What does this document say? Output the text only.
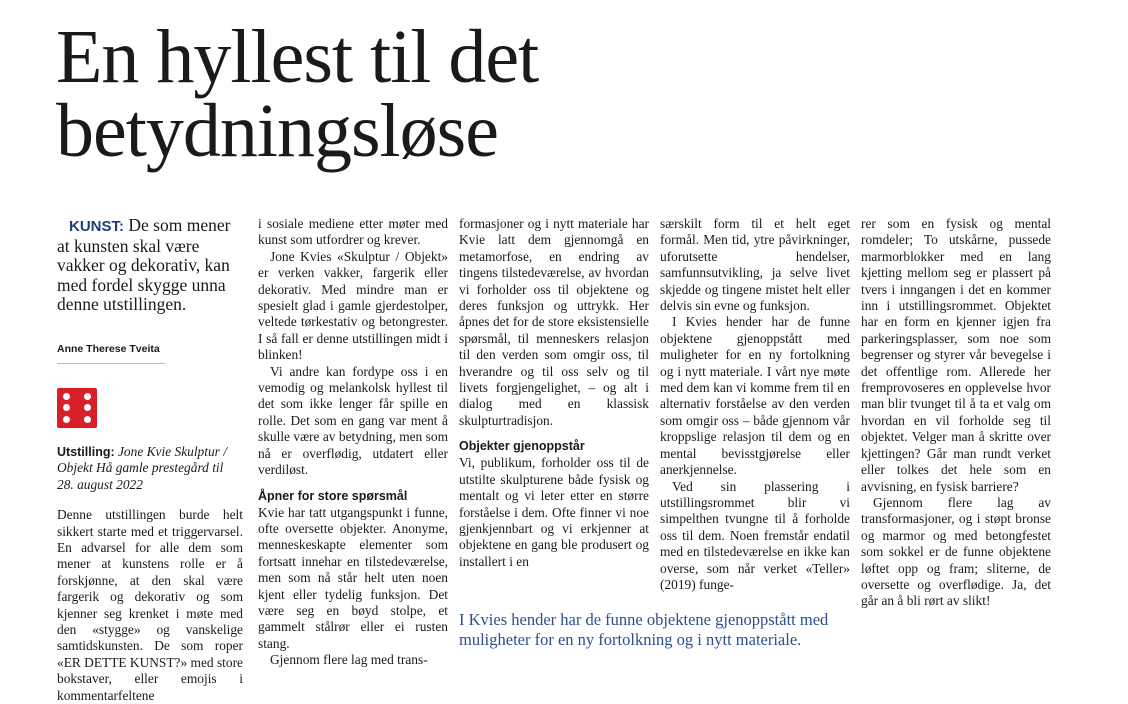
En hyllest til det
betydningsløse

KUNST: De som mener at kunsten skal være vakker og dekorativ, kan med fordel skygge unna denne utstillingen.

Anne Therese Tveita
Utstilling: Jone Kvie Skulptur / Objekt Hå gamle prestegård til 28. august 2022

Denne utstillingen burde helt sikkert starte med et triggervarsel. En advarsel for alle dem som mener at kunstens rolle er å forskjønne, at den skal være fargerik og dekorativ og som kjenner seg krenket i møte med den «stygge» og vanskelige samtidskunsten. De som roper «ER DETTE KUNST?» med store bokstaver, eller emojis i kommentarfeltene

i sosiale mediene etter møter med kunst som utfordrer og krever.

Jone Kvies «Skulptur / Objekt» er verken vakker, fargerik eller dekorativ. Med mindre man er spesielt glad i gamle gjerdestolper, veltede tørkestativ og betongrester. I så fall er denne utstillingen midt i blinken!

Vi andre kan fordype oss i en vemodig og melankolsk hyllest til det som ikke lenger får spille en rolle. Det som en gang var ment å skulle være av betydning, men som nå er overflødig, utdatert eller verdiløst.

Åpner for store spørsmål

Kvie har tatt utgangspunkt i funne, ofte oversette objekter. Anonyme, menneskeskapte elementer som fortsatt innehar en tilstedeværelse, men som nå står helt uten noen kjent eller tydelig funksjon. Det være seg en bøyd stolpe, et gammelt stålrør eller ei rusten stang.

Gjennom flere lag med trans-

formasjoner og i nytt materiale har Kvie latt dem gjennomgå en metamorfose, en endring av tingens tilstedeværelse, av hvordan vi forholder oss til objektene og deres funksjon og uttrykk. Her åpnes det for de store eksistensielle spørsmål, til menneskers relasjon til den verden som omgir oss, til hverandre og til oss selv og til livets forgjengelighet, – og alt i dialog med en klassisk skulpturtradisjon.

Objekter gjenoppstår

Vi, publikum, forholder oss til de utstilte skulpturene både fysisk og mentalt og vi leter etter en større forståelse i dem. Ofte finner vi noe gjenkjennbart og vi erkjenner at objektene en gang ble produsert og installert i en

særskilt form til et helt eget formål. Men tid, ytre påvirkninger, uforutsette hendelser, samfunnsutvikling, ja selve livet skjedde og tingene mistet helt eller delvis sin evne og funksjon.

I Kvies hender har de funne objektene gjenoppstått med muligheter for en ny fortolkning og i nytt materiale. I vårt nye møte med dem kan vi komme frem til en alternativ forståelse av den verden som omgir oss – både gjennom vår kroppslige relasjon til dem og en mental bevisstgjørelse eller anerkjennelse.

Ved sin plassering i utstillingsrommet blir vi simpelthen tvungne til å forholde oss til dem. Noen fremstår endatil med en tilstedeværelse en ikke kan overse, som når verket «Teller» (2019) funge-

rer som en fysisk og mental romdeler; To utskårne, pussede marmorblokker med en lang kjetting mellom seg er plassert på tvers i inngangen i det en kommer inn i utstillingsrommet. Objektet har en form en kjenner igjen fra parkeringsplasser, som noe som begrenser og styrer vår bevegelse i det offentlige rom. Allerede her fremprovoseres en opplevelse hvor man blir tvunget til å ta et valg om hvordan en vil forholde seg til objektet. Velger man å skritte over kjettingen? Går man rundt verket eller tolkes det hele som en avvisning, en fysisk barriere?

Gjennom flere lag av transformasjoner, og i støpt bronse og marmor og med betongfestet som sokkel er de funne objektene løftet opp og fram; sliterne, de oversette og overflødige. Ja, det går an å bli rørt av slikt!

I Kvies hender har de funne objektene gjenoppstått med muligheter for en ny fortolkning og i nytt materiale.
